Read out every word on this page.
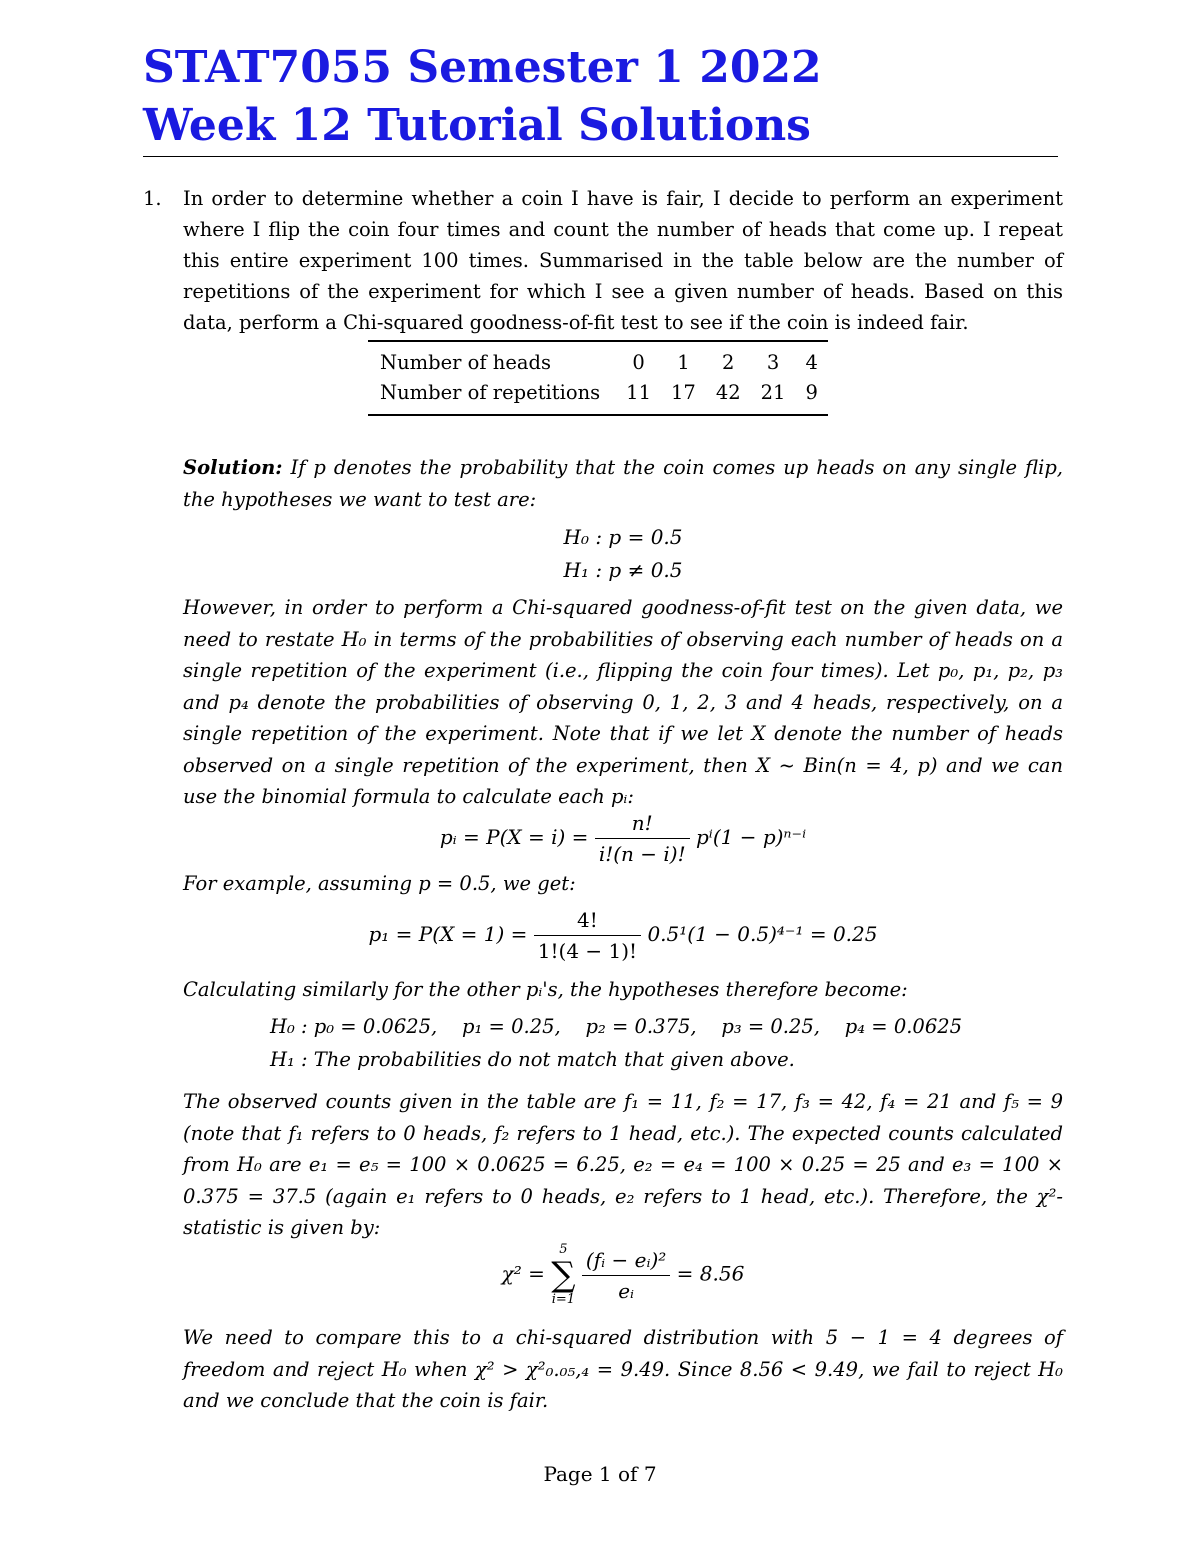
STAT7055 Semester 1 2022
Week 12 Tutorial Solutions
1. In order to determine whether a coin I have is fair, I decide to perform an experiment where I flip the coin four times and count the number of heads that come up. I repeat this entire experiment 100 times. Summarised in the table below are the number of repetitions of the experiment for which I see a given number of heads. Based on this data, perform a Chi-squared goodness-of-fit test to see if the coin is indeed fair.
Number of heads	0	1	2	3	4
Number of repetitions	11	17	42	21	9
Solution: If p denotes the probability that the coin comes up heads on any single flip, the hypotheses we want to test are:
H₀ : p = 0.5
H₁ : p ≠ 0.5
However, in order to perform a Chi-squared goodness-of-fit test on the given data, we need to restate H₀ in terms of the probabilities of observing each number of heads on a single repetition of the experiment (i.e., flipping the coin four times). Let p₀, p₁, p₂, p₃ and p₄ denote the probabilities of observing 0, 1, 2, 3 and 4 heads, respectively, on a single repetition of the experiment. Note that if we let X denote the number of heads observed on a single repetition of the experiment, then X ~ Bin(n = 4, p) and we can use the binomial formula to calculate each pᵢ:
pᵢ = $P(X = i) = \frac{n!}{i!(n - i)!} p^i(1 - p)^{n-i}$
For example, assuming p = 0.5, we get:
$p_1 = P(X = 1) = \frac{4!}{1!(4 - 1)!} 0.5^1(1 - 0.5)^{4-1} = 0.25$
Calculating similarly for the other pᵢ's, the hypotheses therefore become:
H₀ : p₀ = 0.0625,    p₁ = 0.25,    p₂ = 0.375,    p₃ = 0.25,    p₄ = 0.0625
H₁ : The probabilities do not match that given above.
The observed counts given in the table are f₁ = 11, f₂ = 17, f₃ = 42, f₄ = 21 and f₅ = 9 (note that f₁ refers to 0 heads, f₂ refers to 1 head, etc.). The expected counts calculated from H₀ are e₁ = e₅ = 100 × 0.0625 = 6.25, e₂ = e₄ = 100 × 0.25 = 25 and e₃ = 100 × 0.375 = 37.5 (again e₁ refers to 0 heads, e₂ refers to 1 head, etc.). Therefore, the χ²-statistic is given by:
χ² =
5
∑
i=1
$\frac{\text{(fᵢ − eᵢ)²}}{\text{eᵢ}} = 8.56$
We need to compare this to a chi-squared distribution with 5 − 1 = 4 degrees of freedom and reject H₀ when χ² > χ²₀.₀₅,₄ = 9.49. Since 8.56 < 9.49, we fail to reject H₀ and we conclude that the coin is fair.
Page 1 of 7
